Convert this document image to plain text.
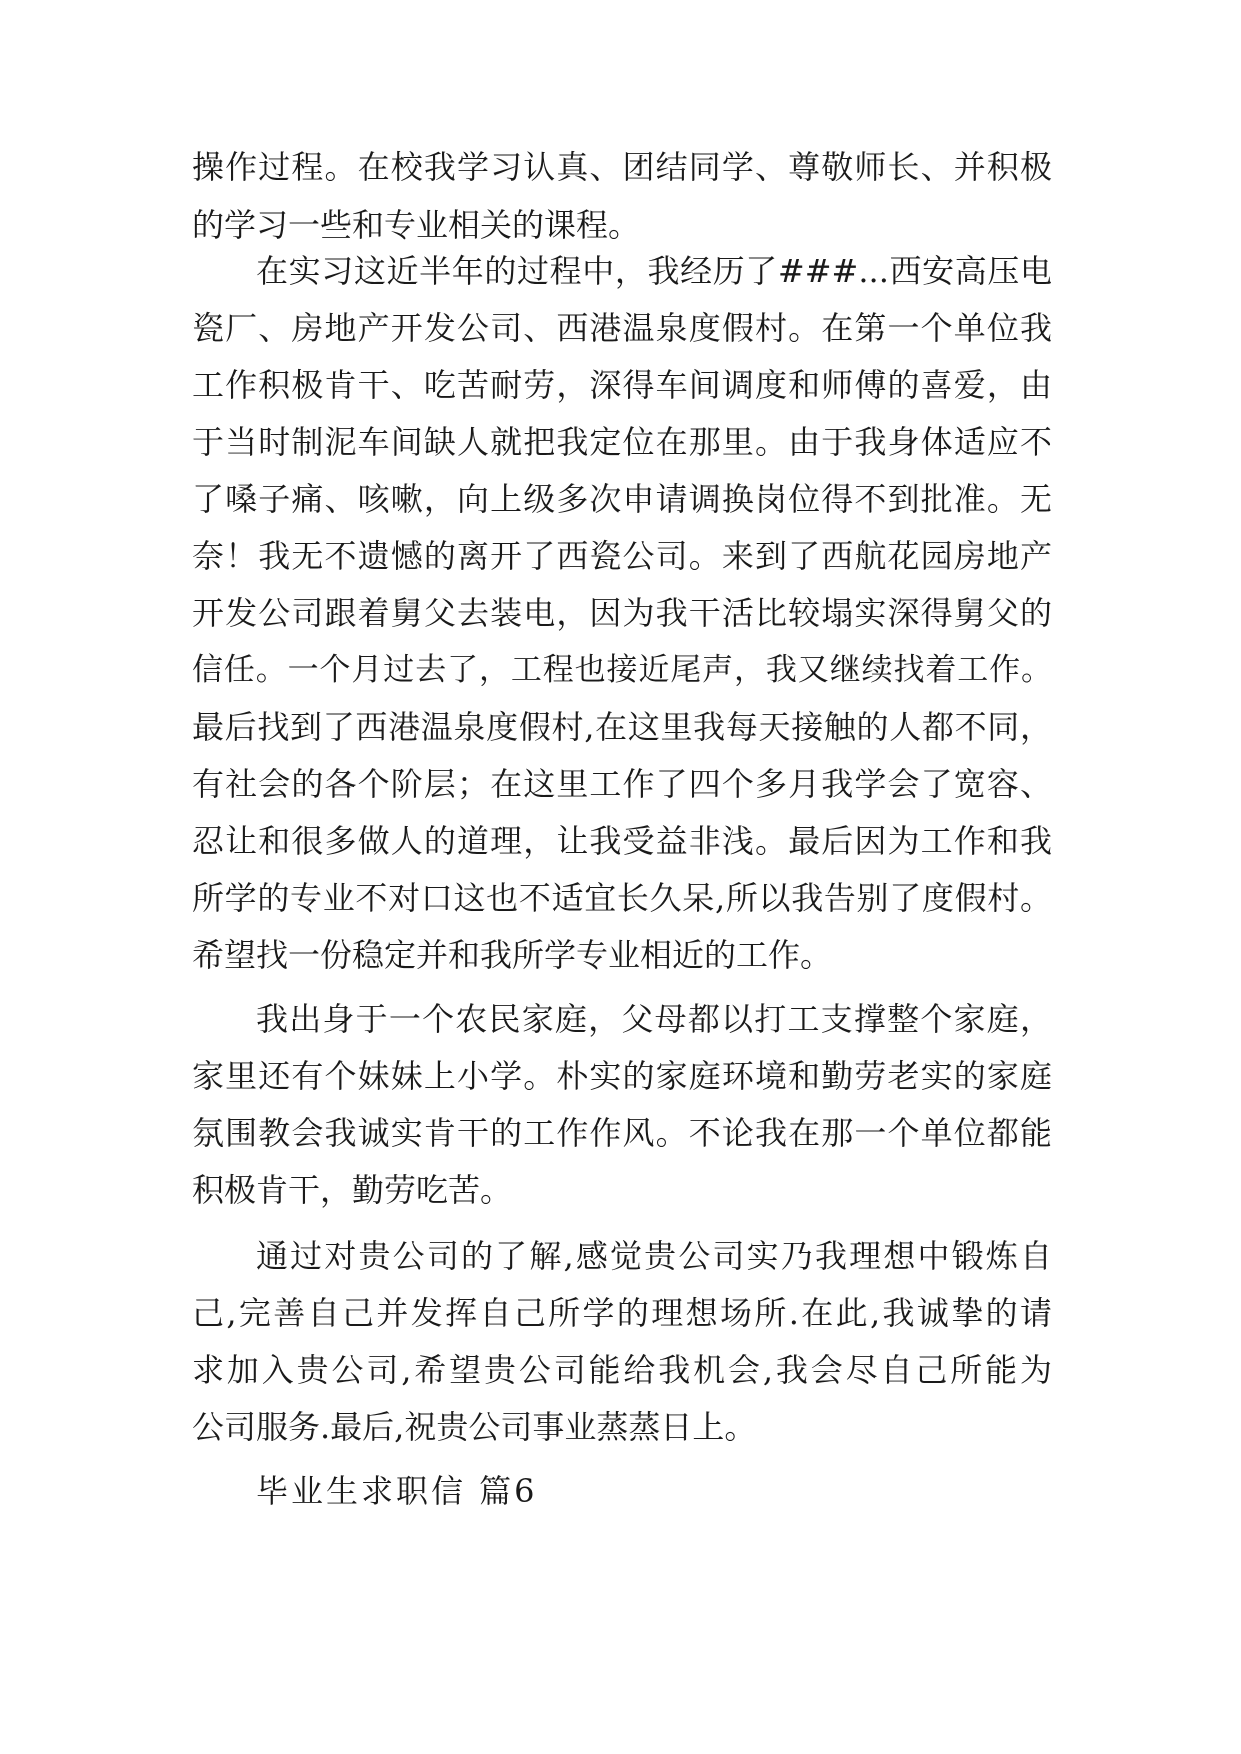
操作过程。在校我学习认真、团结同学、尊敬师长、并积极
的学习一些和专业相关的课程。
在实习这近半年的过程中，我经历了###...西安高压电
瓷厂、房地产开发公司、西港温泉度假村。在第一个单位我
工作积极肯干、吃苦耐劳，深得车间调度和师傅的喜爱，由
于当时制泥车间缺人就把我定位在那里。由于我身体适应不
了嗓子痛、咳嗽，向上级多次申请调换岗位得不到批准。无
奈！我无不遗憾的离开了西瓷公司。来到了西航花园房地产
开发公司跟着舅父去装电，因为我干活比较塌实深得舅父的
信任。一个月过去了，工程也接近尾声，我又继续找着工作。
最后找到了西港温泉度假村,在这里我每天接触的人都不同，
有社会的各个阶层；在这里工作了四个多月我学会了宽容、
忍让和很多做人的道理，让我受益非浅。最后因为工作和我
所学的专业不对口这也不适宜长久呆,所以我告别了度假村。
希望找一份稳定并和我所学专业相近的工作。
我出身于一个农民家庭，父母都以打工支撑整个家庭，
家里还有个妹妹上小学。朴实的家庭环境和勤劳老实的家庭
氛围教会我诚实肯干的工作作风。不论我在那一个单位都能
积极肯干，勤劳吃苦。
通过对贵公司的了解,感觉贵公司实乃我理想中锻炼自
己,完善自己并发挥自己所学的理想场所.在此,我诚挚的请
求加入贵公司,希望贵公司能给我机会,我会尽自己所能为
公司服务.最后,祝贵公司事业蒸蒸日上。
毕业生求职信 篇6
